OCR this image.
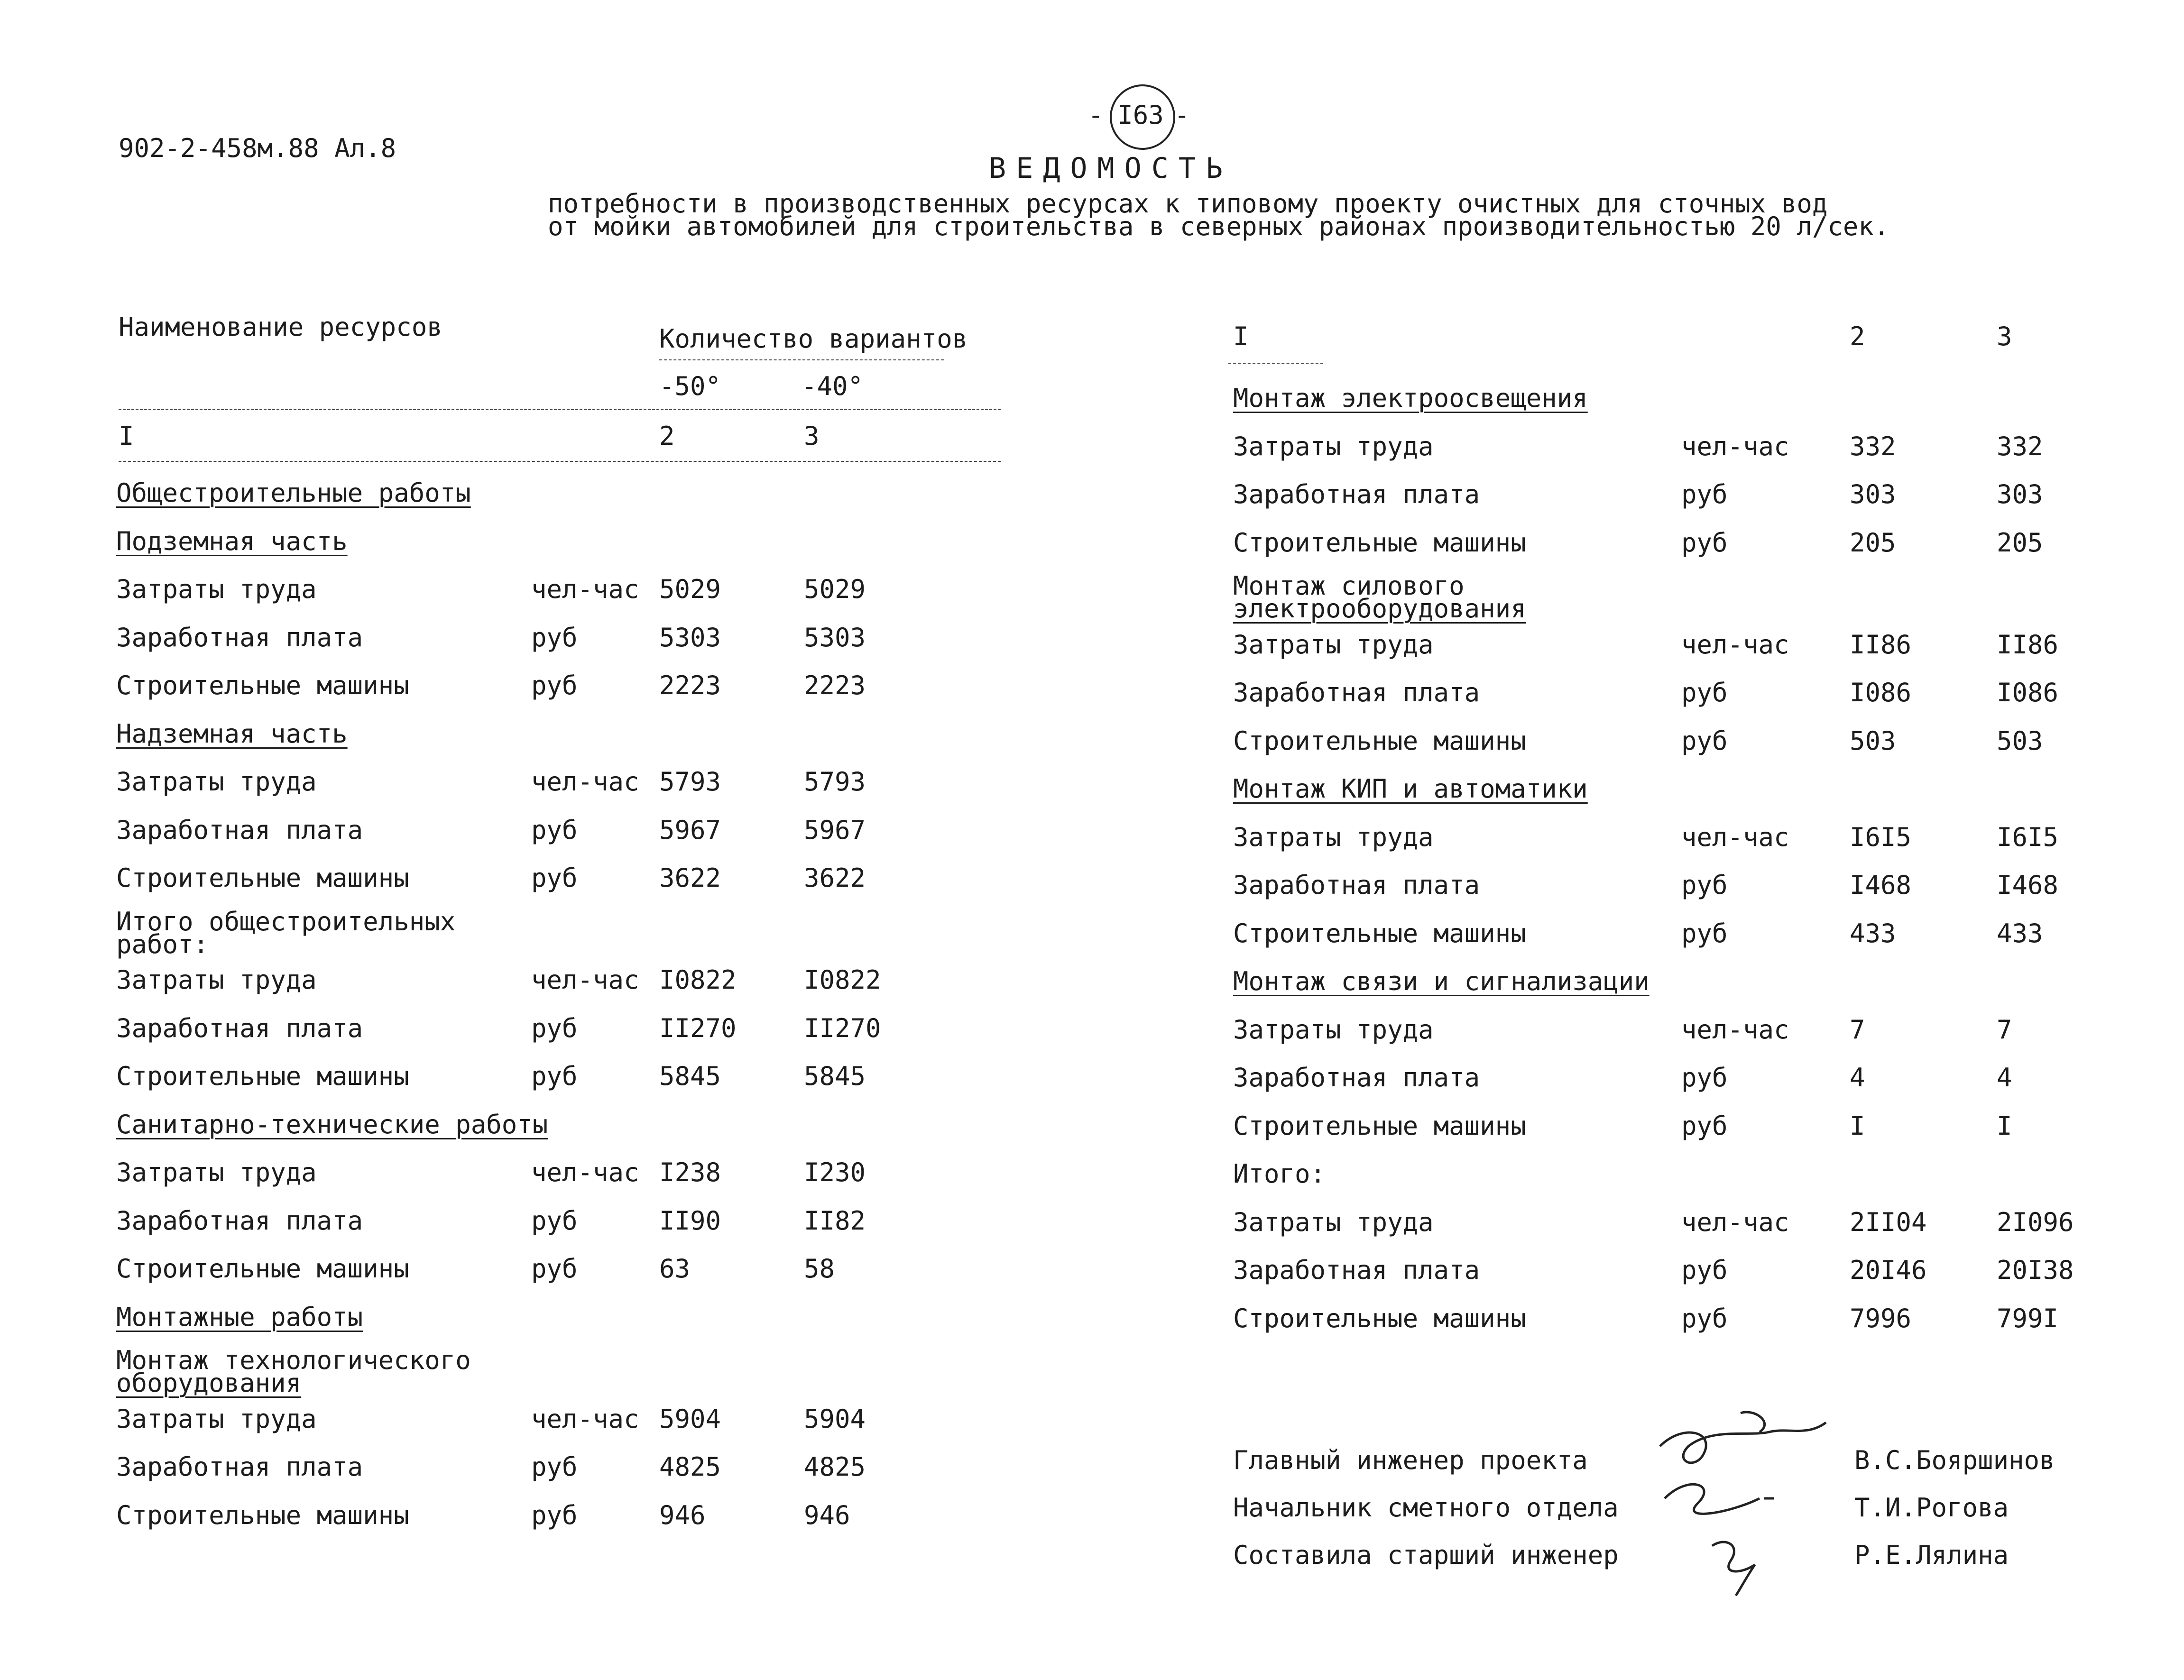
902-2-458м.88 Ал.8
I63
-	-
ВЕДОМОСТЬ
потребности в производственных ресурсах к типовому проекту очистных для сточных вод
от мойки автомобилей для строительства в северных районах производительностью 20 л/сек.
Наименование ресурсов	Количество вариантов
-50°	-40°
I	2	3
Общестроительные работы
Подземная часть
Затраты труда	чел-час 5029	5029
Заработная плата	руб	5303	5303
Строительные машины	руб	2223	2223
Надземная часть
Затраты труда	чел-час 5793	5793
Заработная плата	руб	5967	5967
Строительные машины	руб	3622	3622
Итого общестроительных
работ:
Затраты труда	чел-час I0822	I0822
Заработная плата	руб	II270	II270
Строительные машины	руб	5845	5845
Санитарно-технические работы
Затраты труда	чел-час I238	I230
Заработная плата	руб	II90	II82
Строительные машины	руб	63	58
Монтажные работы
Монтаж технологического
оборудования
Затраты труда	чел-час 5904	5904
Заработная плата	руб	4825	4825
Строительные машины	руб	946	946
I	2	3
Монтаж электроосвещения
Затраты труда	чел-час 332	332
Заработная плата	руб	303	303
Строительные машины	руб	205	205
Монтаж силового
электрооборудования
Затраты труда	чел-час II86	II86
Заработная плата	руб	I086	I086
Строительные машины	руб	503	503
Монтаж КИП и автоматики
Затраты труда	чел-час I6I5	I6I5
Заработная плата	руб	I468	I468
Строительные машины	руб	433	433
Монтаж связи и сигнализации
Затраты труда	чел-час 7	7
Заработная плата	руб	4	4
Строительные машины	руб	I	I
Итого:
Затраты труда	чел-час 2II04	2I096
Заработная плата	руб	20I46	20I38
Строительные машины	руб	7996	799I
Главный инженер проекта	В.С.Бояршинов
Начальник сметного отдела	Т.И.Рогова
Составила старший инженер	Р.Е.Лялина
